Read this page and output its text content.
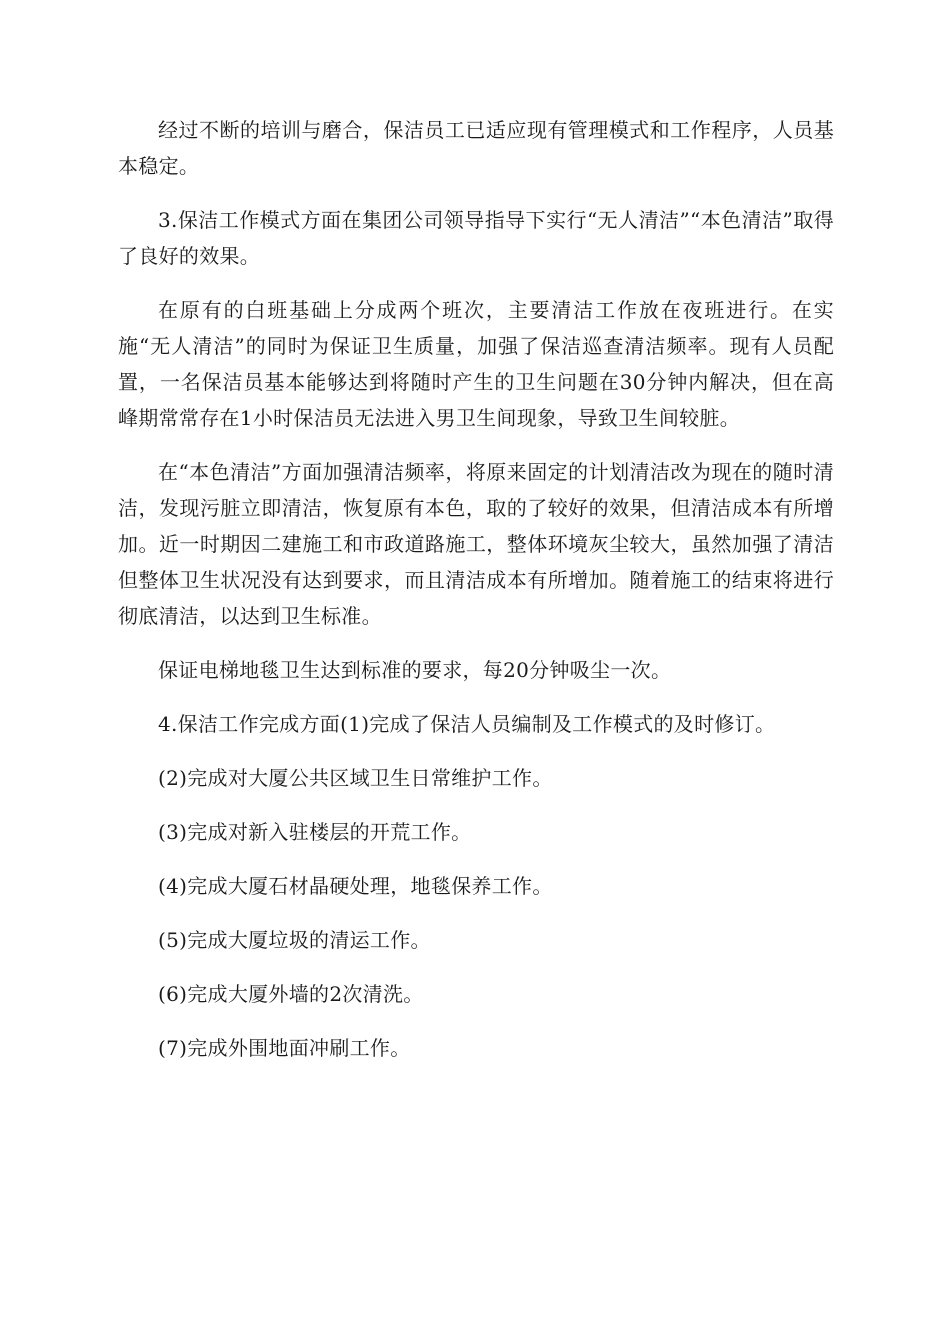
经过不断的培训与磨合，保洁员工已适应现有管理模式和工作程序，人员基本稳定。

3.保洁工作模式方面在集团公司领导指导下实行“无人清洁”“本色清洁”取得了良好的效果。

在原有的白班基础上分成两个班次，主要清洁工作放在夜班进行。在实施“无人清洁”的同时为保证卫生质量，加强了保洁巡查清洁频率。现有人员配置，一名保洁员基本能够达到将随时产生的卫生问题在30分钟内解决，但在高峰期常常存在1小时保洁员无法进入男卫生间现象，导致卫生间较脏。

在“本色清洁”方面加强清洁频率，将原来固定的计划清洁改为现在的随时清洁，发现污脏立即清洁，恢复原有本色，取的了较好的效果，但清洁成本有所增加。近一时期因二建施工和市政道路施工，整体环境灰尘较大，虽然加强了清洁但整体卫生状况没有达到要求，而且清洁成本有所增加。随着施工的结束将进行彻底清洁，以达到卫生标准。

保证电梯地毯卫生达到标准的要求，每20分钟吸尘一次。

4.保洁工作完成方面(1)完成了保洁人员编制及工作模式的及时修订。

(2)完成对大厦公共区域卫生日常维护工作。

(3)完成对新入驻楼层的开荒工作。

(4)完成大厦石材晶硬处理，地毯保养工作。

(5)完成大厦垃圾的清运工作。

(6)完成大厦外墙的2次清洗。

(7)完成外围地面冲刷工作。
